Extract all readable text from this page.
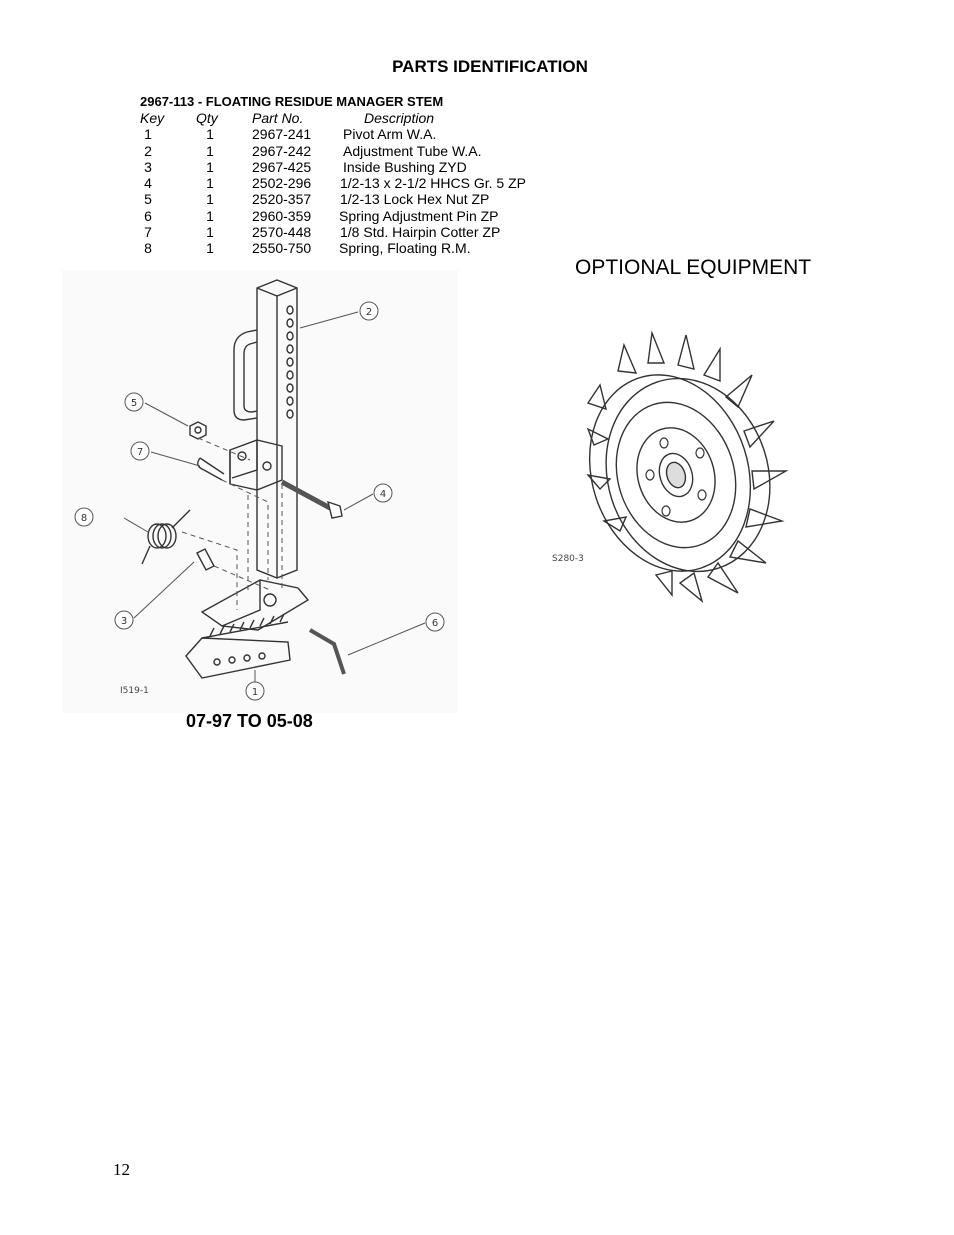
PARTS IDENTIFICATION
2967-113 - FLOATING RESIDUE MANAGER STEM
Key Qty Part No.	Description
1	1	2967-241 Pivot Arm W.A.
2	1	2967-242 Adjustment Tube W.A.
3	1	2967-425 Inside Bushing ZYD
4	1	2502-296 1/2-13 x 2-1/2 HHCS Gr. 5 ZP
5	1	2520-357 1/2-13 Lock Hex Nut ZP
6	1	2960-359 Spring Adjustment Pin ZP
7	1	2570-448 1/8 Std. Hairpin Cotter ZP
8	1	2550-750 Spring, Floating R.M.
OPTIONAL EQUIPMENT
2
5
7
4
8
3	6
1
I519-1
S280-3
07-97 TO 05-08
12
